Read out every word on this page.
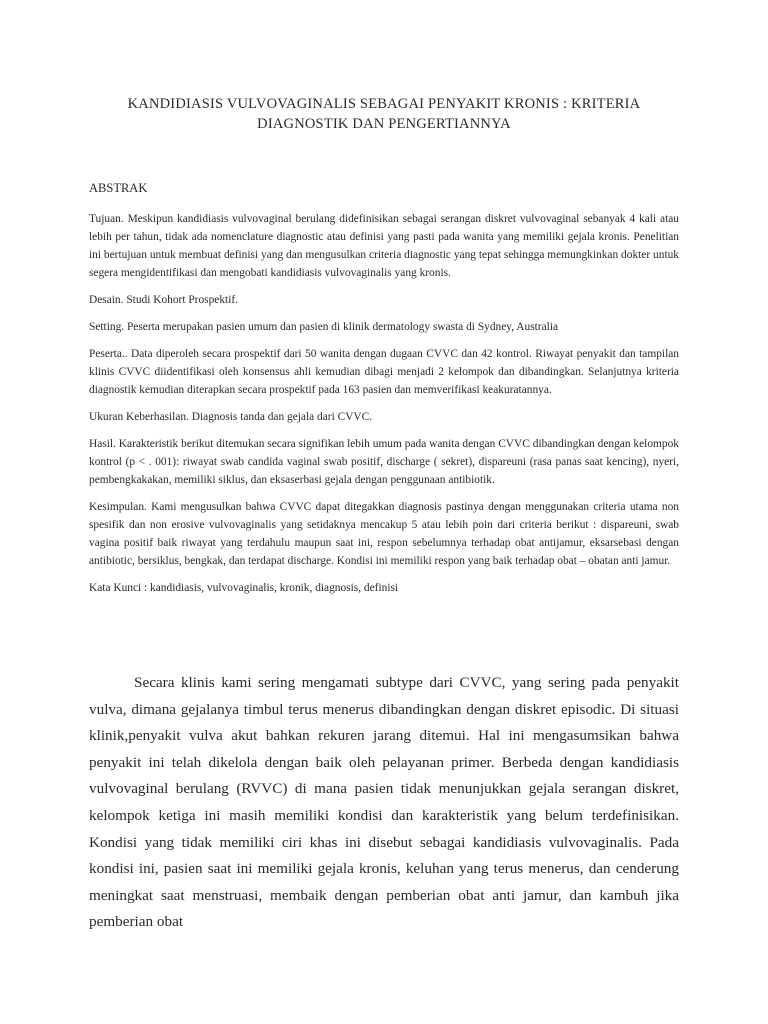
KANDIDIASIS VULVOVAGINALIS SEBAGAI PENYAKIT KRONIS : KRITERIA DIAGNOSTIK DAN PENGERTIANNYA
ABSTRAK

Tujuan. Meskipun kandidiasis vulvovaginal berulang didefinisikan sebagai serangan diskret vulvovaginal sebanyak 4 kali atau lebih per tahun, tidak ada nomenclature diagnostic atau definisi yang pasti pada wanita yang memiliki gejala kronis. Penelitian ini bertujuan untuk membuat definisi yang dan mengusulkan criteria diagnostic yang tepat sehingga memungkinkan dokter untuk segera mengidentifikasi dan mengobati kandidiasis vulvovaginalis yang kronis.

Desain. Studi Kohort Prospektif.

Setting. Peserta merupakan pasien umum dan pasien di klinik dermatology swasta di Sydney, Australia

Peserta.. Data diperoleh secara prospektif dari 50 wanita dengan dugaan CVVC dan 42 kontrol. Riwayat penyakit dan tampilan klinis CVVC diidentifikasi oleh konsensus ahli kemudian dibagi menjadi 2 kelompok dan dibandingkan. Selanjutnya kriteria diagnostik kemudian diterapkan secara prospektif pada 163 pasien dan memverifikasi keakuratannya.

Ukuran Keberhasilan. Diagnosis tanda dan gejala dari CVVC.

Hasil. Karakteristik berikut ditemukan secara signifikan lebih umum pada wanita dengan CVVC dibandingkan dengan kelompok kontrol (p < . 001): riwayat swab candida vaginal swab positif, discharge ( sekret), dispareuni (rasa panas saat kencing), nyeri, pembengkakakan, memiliki siklus, dan eksaserbasi gejala dengan penggunaan antibiotik.

Kesimpulan. Kami mengusulkan bahwa CVVC dapat ditegakkan diagnosis pastinya dengan menggunakan criteria utama non spesifik dan non erosive vulvovaginalis yang setidaknya mencakup 5 atau lebih poin dari criteria berikut : dispareuni, swab vagina positif baik riwayat yang terdahulu maupun saat ini, respon sebelumnya terhadap obat antijamur, eksarsebasi dengan antibiotic, bersiklus, bengkak, dan terdapat discharge. Kondisi ini memiliki respon yang baik terhadap obat – obatan anti jamur.

Kata Kunci : kandidiasis, vulvovaginalis, kronik, diagnosis, definisi

Secara klinis kami sering mengamati subtype dari CVVC, yang sering pada penyakit vulva, dimana gejalanya timbul terus menerus dibandingkan dengan diskret episodic. Di situasi klinik,penyakit vulva akut bahkan rekuren jarang ditemui. Hal ini mengasumsikan bahwa penyakit ini telah dikelola dengan baik oleh pelayanan primer. Berbeda dengan kandidiasis vulvovaginal berulang (RVVC) di mana pasien tidak menunjukkan gejala serangan diskret, kelompok ketiga ini masih memiliki kondisi dan karakteristik yang belum terdefinisikan. Kondisi yang tidak memiliki ciri khas ini disebut sebagai kandidiasis vulvovaginalis. Pada kondisi ini, pasien saat ini memiliki gejala kronis, keluhan yang terus menerus, dan cenderung meningkat saat menstruasi, membaik dengan pemberian obat anti jamur, dan kambuh jika pemberian obat
